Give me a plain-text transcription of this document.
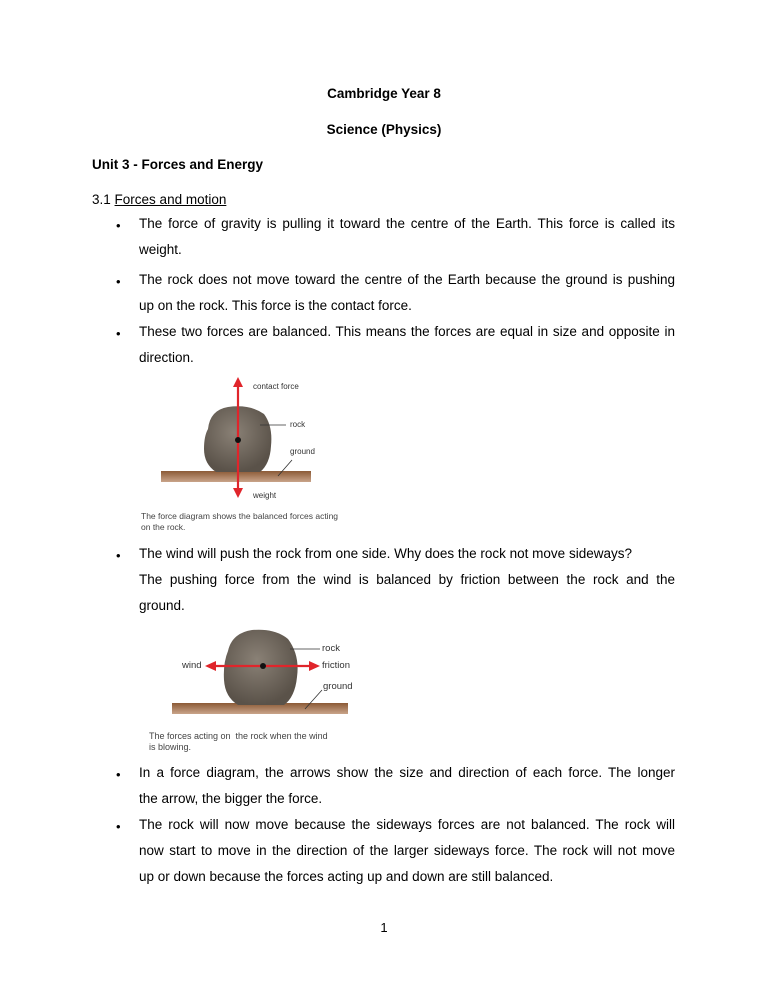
Cambridge Year 8
Science (Physics)
Unit 3 - Forces and Energy
3.1 Forces and motion
• The force of gravity is pulling it toward the centre of the Earth. This force is called its
weight.
• The rock does not move toward the centre of the Earth because the ground is pushing
up on the rock. This force is the contact force.
• These two forces are balanced. This means the forces are equal in size and opposite in
direction.
contact force
rock
ground
weight
The force diagram shows the balanced forces acting
on the rock.
• The wind will push the rock from one side. Why does the rock not move sideways?
The pushing force from the wind is balanced by friction between the rock and the
ground.
rock
wind	friction
ground
The forces acting on  the rock when the wind
is blowing.
• In a force diagram, the arrows show the size and direction of each force. The longer
the arrow, the bigger the force.
• The rock will now move because the sideways forces are not balanced. The rock will
now start to move in the direction of the larger sideways force. The rock will not move
up or down because the forces acting up and down are still balanced.
1
